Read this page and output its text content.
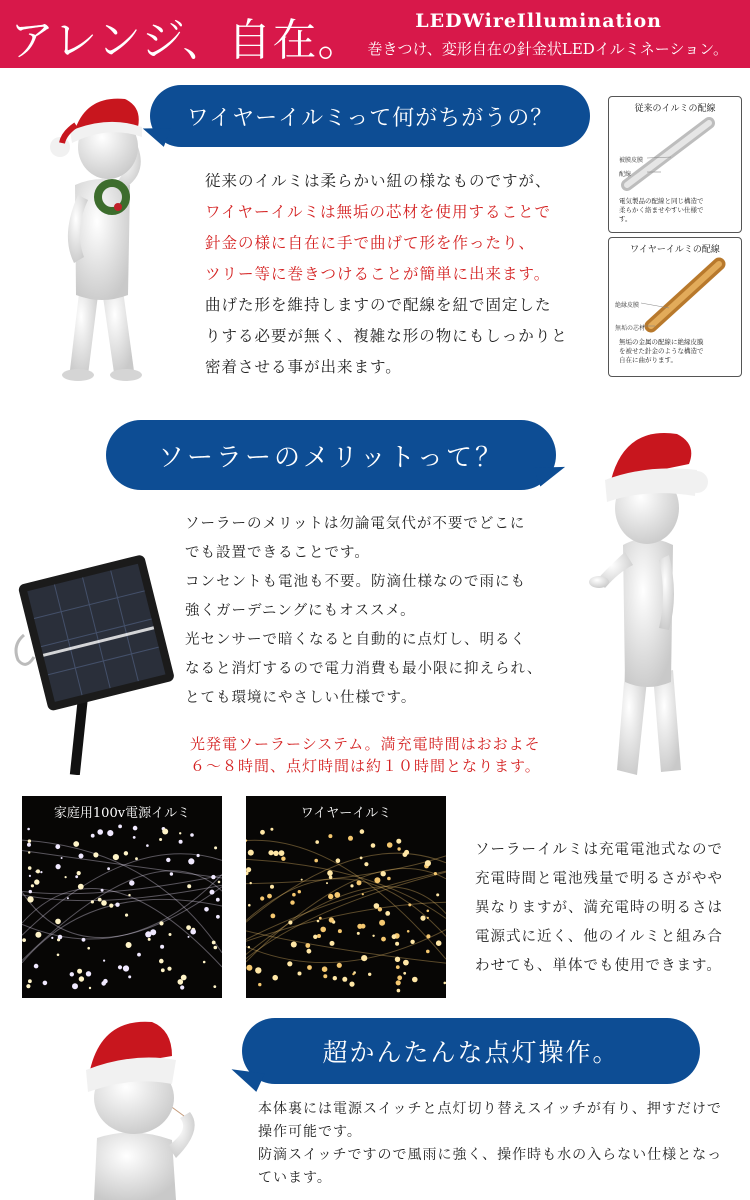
アレンジ、自在。	LEDWireIllumination
巻きつけ、変形自在の針金状LEDイルミネーション。
ワイヤーイルミって何がちがうの？

従来のイルミは柔らかい紐の様なものですが、

ワイヤーイルミは無垢の芯材を使用することで

針金の様に自在に手で曲げて形を作ったり、

ツリー等に巻きつけることが簡単に出来ます。

曲げた形を維持しますので配線を紐で固定した

りする必要が無く、複雑な形の物にもしっかりと

密着させる事が出来ます。

従来のイルミの配線
被膜皮膜
配線

電気製品の配線と同じ構造で

柔らかく絡ませやすい仕様で

す。

ワイヤーイルミの配線
絶縁皮膜
無垢の芯材

無垢の金属の配線に絶縁皮膜

を被せた針金のような構造で

自在に曲がります。

ソーラーのメリットって？

ソーラーのメリットは勿論電気代が不要でどこに

でも設置できることです。

コンセントも電池も不要。防滴仕様なので雨にも

強くガーデニングにもオススメ。

光センサーで暗くなると自動的に点灯し、明るく

なると消灯するので電力消費も最小限に抑えられ、

とても環境にやさしい仕様です。

光発電ソーラーシステム。満充電時間はおおよそ

６～８時間、点灯時間は約１０時間となります。

家庭用100v電源イルミ	ワイヤーイルミ

ソーラーイルミは充電電池式なので

充電時間と電池残量で明るさがやや

異なりますが、満充電時の明るさは

電源式に近く、他のイルミと組み合

わせても、単体でも使用できます。

超かんたんな点灯操作。

本体裏には電源スイッチと点灯切り替えスイッチが有り、押すだけで

操作可能です。

防滴スイッチですので風雨に強く、操作時も水の入らない仕様となっ

ています。
